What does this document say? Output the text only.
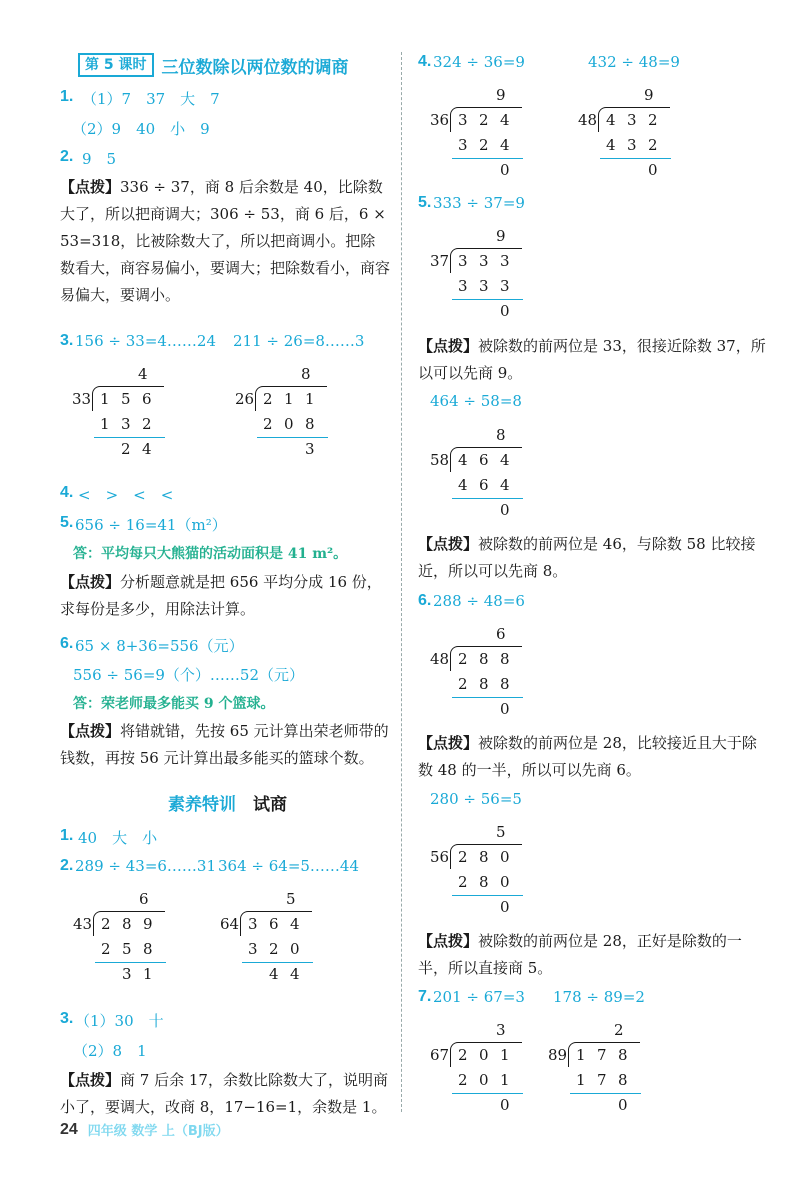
第 5 课时 三位数除以两位数的调商
1. （1）7　37　大　7
（2）9　40　小　9
2. 9　5
【点拨】336 ÷ 37，商 8 后余数是 40，比除数大了，所以把商调大；306 ÷ 53，商 6 后，6 × 53=318，比被除数大了，所以把商调小。把除数看大，商容易偏小，要调大；把除数看小，商容易偏大，要调小。
3. 156 ÷ 33=4……24 211 ÷ 26=8……3
4
33 1 5 6
1 3 2
2 4
8
26 2 1 1
2 0 8
3
4. <　>　<　<
5. 656 ÷ 16=41（m²）
答：平均每只大熊猫的活动面积是 41 m²。
【点拨】分析题意就是把 656 平均分成 16 份，求每份是多少，用除法计算。
6. 65 × 8+36=556（元）
556 ÷ 56=9（个）……52（元）
答：荣老师最多能买 9 个篮球。
【点拨】将错就错，先按 65 元计算出荣老师带的钱数，再按 56 元计算出最多能买的篮球个数。
素养特训　 试商
1. 40　大　小
2. 289 ÷ 43=6……31 364 ÷ 64=5……44
6
43 2 8 9
2 5 8
3 1
5
64 3 6 4
3 2 0
4 4
3. （1）30　十
（2）8　1
【点拨】商 7 后余 17，余数比除数大了，说明商小了，要调大，改商 8，17−16=1，余数是 1。
4. 324 ÷ 36=9	432 ÷ 48=9
9
36 3 2 4
3 2 4
0
9
48 4 3 2
4 3 2
0
5. 333 ÷ 37=9
9
37 3 3 3
3 3 3
0
【点拨】被除数的前两位是 33，很接近除数 37，所以可以先商 9。
464 ÷ 58=8
8
58 4 6 4
4 6 4
0
【点拨】被除数的前两位是 46，与除数 58 比较接近，所以可以先商 8。
6. 288 ÷ 48=6
6
48 2 8 8
2 8 8
0
【点拨】被除数的前两位是 28，比较接近且大于除数 48 的一半，所以可以先商 6。
280 ÷ 56=5
5
56 2 8 0
2 8 0
0
【点拨】被除数的前两位是 28，正好是除数的一半，所以直接商 5。
7. 201 ÷ 67=3 178 ÷ 89=2
3
67 2 0 1
2 0 1
0
2
89 1 7 8
1 7 8
0
24 四年级 数学 上（BJ版）
